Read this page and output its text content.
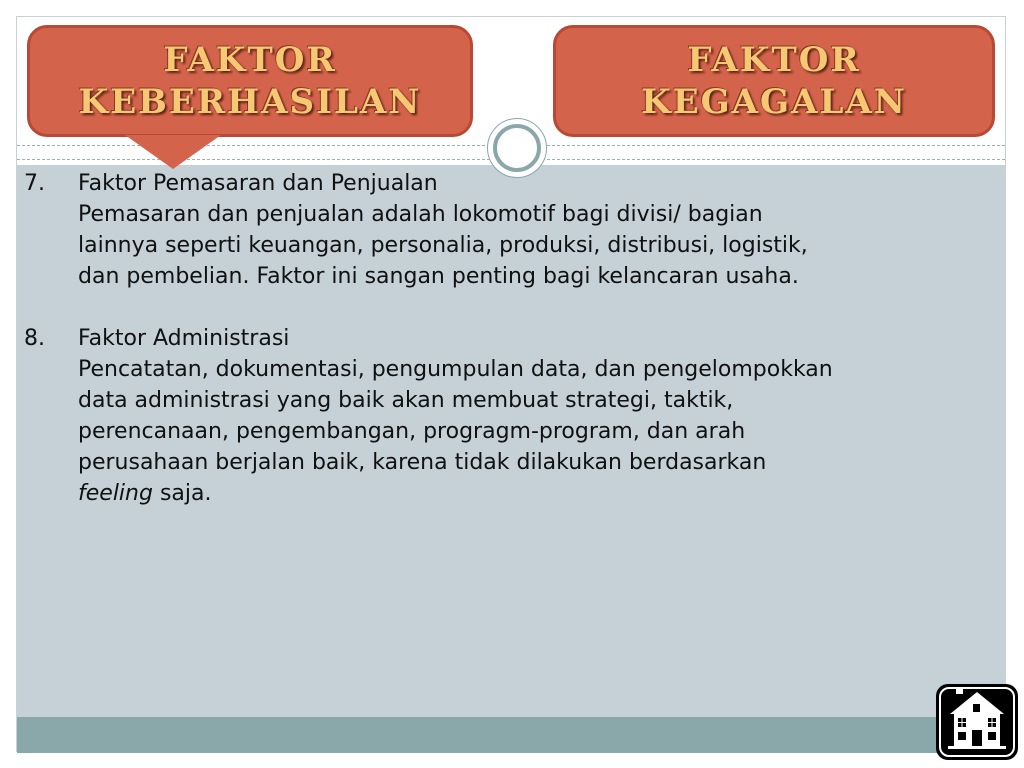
FAKTOR
KEBERHASILAN
FAKTOR
KEGAGALAN
7.	Faktor Pemasaran dan Penjualan

Pemasaran dan penjualan adalah lokomotif bagi divisi/ bagian

lainnya seperti keuangan, personalia, produksi, distribusi, logistik,

dan pembelian. Faktor ini sangan penting bagi kelancaran usaha.

8.	Faktor Administrasi

Pencatatan, dokumentasi, pengumpulan data, dan pengelompokkan

data administrasi yang baik akan membuat strategi, taktik,

perencanaan, pengembangan, progragm-program, dan arah

perusahaan berjalan baik, karena tidak dilakukan berdasarkan

feeling saja.
